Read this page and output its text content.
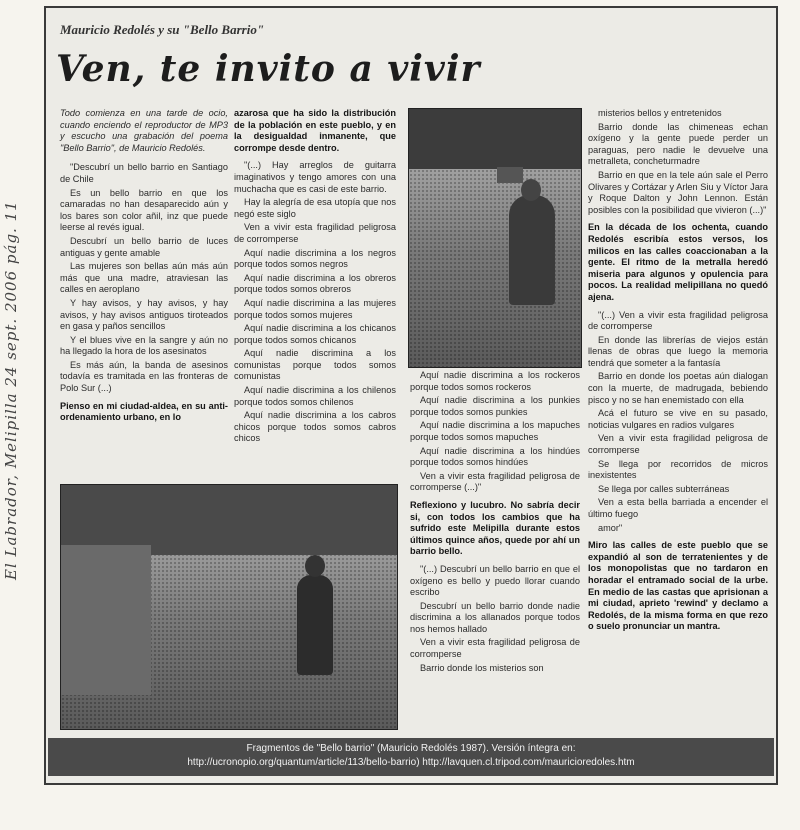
El Labrador, Melipilla 24 sept. 2006 pág. 11
Mauricio Redolés y su "Bello Barrio"
Ven, te invito a vivir

Todo comienza en una tarde de ocio, cuando enciendo el reproductor de MP3 y escucho una grabación del poema "Bello Barrio", de Mauricio Redolés.

"Descubrí un bello barrio en Santiago de Chile

Es un bello barrio en que los camaradas no han desaparecido aún y los bares son color añil, inz que puede leerse al revés igual.

Descubrí un bello barrio de luces antiguas y gente amable

Las mujeres son bellas aún más aún más que una madre, atraviesan las calles en aeroplano

Y hay avisos, y hay avisos, y hay avisos, y hay avisos antiguos tiroteados en gasa y paños sencillos

Y el blues vive en la sangre y aún no ha llegado la hora de los asesinatos

Es más aún, la banda de asesinos todavía es tramitada en las fronteras de Polo Sur (...)

Pienso en mi ciudad-aldea, en su anti-ordenamiento urbano, en lo

azarosa que ha sido la distribución de la población en este pueblo, y en la desigualdad inmanente, que corrompe desde dentro.

"(...) Hay arreglos de guitarra imaginativos y tengo amores con una muchacha que es casi de este barrio.

Hay la alegría de esa utopía que nos negó este siglo

Ven a vivir esta fragilidad peligrosa de corromperse

Aquí nadie discrimina a los negros porque todos somos negros

Aquí nadie discrimina a los obreros porque todos somos obreros

Aquí nadie discrimina a las mujeres porque todos somos mujeres

Aquí nadie discrimina a los chicanos porque todos somos chicanos

Aquí nadie discrimina a los comunistas porque todos somos comunistas

Aquí nadie discrimina a los chilenos porque todos somos chilenos

Aquí nadie discrimina a los cabros chicos porque todos somos cabros chicos

Aquí nadie discrimina a los rockeros porque todos somos rockeros

Aquí nadie discrimina a los punkies porque todos somos punkies

Aquí nadie discrimina a los mapuches porque todos somos mapuches

Aquí nadie discrimina a los hindúes porque todos somos hindúes

Ven a vivir esta fragilidad peligrosa de corromperse (...)"

Reflexiono y lucubro. No sabría decir si, con todos los cambios que ha sufrido este Melipilla durante estos últimos quince años, quede por ahí un barrio bello.

"(...) Descubrí un bello barrio en que el oxígeno es bello y puedo llorar cuando escribo

Descubrí un bello barrio donde nadie discrimina a los allanados porque todos nos hemos hallado

Ven a vivir esta fragilidad peligrosa de corromperse

Barrio donde los misterios son

misterios bellos y entretenidos

Barrio donde las chimeneas echan oxígeno y la gente puede perder un paraguas, pero nadie le devuelve una metralleta, concheturmadre

Barrio en que en la tele aún sale el Perro Olivares y Cortázar y Arlen Siu y Víctor Jara y Roque Dalton y John Lennon. Están posibles con la posibilidad que vivieron (...)"

En la década de los ochenta, cuando Redolés escribía estos versos, los milicos en las calles coaccionaban a la gente. El ritmo de la metralla heredó miseria para algunos y opulencia para pocos. La realidad melipillana no quedó ajena.

"(...) Ven a vivir esta fragilidad peligrosa de corromperse

En donde las librerías de viejos están llenas de obras que luego la memoria tendrá que someter a la fantasía

Barrio en donde los poetas aún dialogan con la muerte, de madrugada, bebiendo pisco y no se han enemistado con ella

Acá el futuro se vive en su pasado, noticias vulgares en radios vulgares

Ven a vivir esta fragilidad peligrosa de corromperse

Se llega por recorridos de micros inexistentes

Se llega por calles subterráneas

Ven a esta bella barriada a encender el último fuego

amor"

Miro las calles de este pueblo que se expandió al son de terratenientes y de los monopolistas que no tardaron en horadar el entramado social de la urbe. En medio de las castas que aprisionan a mi ciudad, aprieto 'rewind' y declamo a Redolés, de la misma forma en que rezo o suelo pronunciar un mantra.

Fragmentos de "Bello barrio" (Mauricio Redolés 1987). Versión íntegra en:
http://ucronopio.org/quantum/article/113/bello-barrio) http://lavquen.cl.tripod.com/mauricioredoles.htm
